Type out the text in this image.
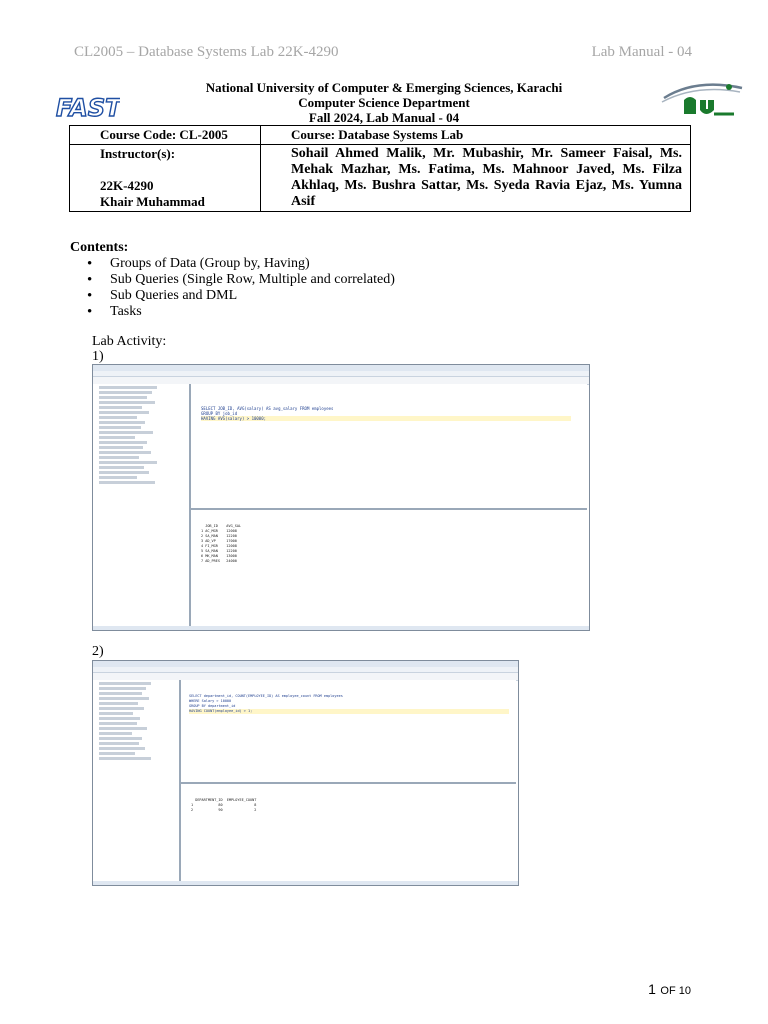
CL2005 – Database Systems Lab 22K-4290	Lab Manual - 04
FAST
National University of Computer & Emerging Sciences, Karachi
Computer Science Department
Fall 2024, Lab Manual - 04
Course Code: CL-2005	Course: Database Systems Lab

Instructor(s):
22K-4290
Khair Muhammad	Sohail Ahmed Malik, Mr. Mubashir, Mr. Sameer Faisal, Ms. Mehak Mazhar, Ms. Fatima, Ms. Mahnoor Javed, Ms. Filza Akhlaq, Ms. Bushra Sattar, Ms. Syeda Ravia Ejaz, Ms. Yumna Asif
Contents:
• Groups of Data (Group by, Having)
• Sub Queries (Single Row, Multiple and correlated)
• Sub Queries and DML
• Tasks
Lab Activity:
1)
SELECT JOB_ID, AVG(salary) AS avg_salary FROM employees
GROUP BY job_id
HAVING AVG(salary) > 10000;
JOB_ID    AVG_SAL
1 AC_MGR    12008
2 SA_MAN    12200
3 AD_VP     17000
4 FI_MGR    12008
5 SA_MAN    12200
6 MK_MAN    13000
7 AD_PRES   24000
2)
SELECT department_id, COUNT(EMPLOYEE_ID) AS employee_count FROM employees
WHERE Salary > 10000
GROUP BY department_id
HAVING COUNT(employee_id) > 1;
DEPARTMENT_ID  EMPLOYEE_COUNT
1            80               8
2            90               2
1 OF 10
